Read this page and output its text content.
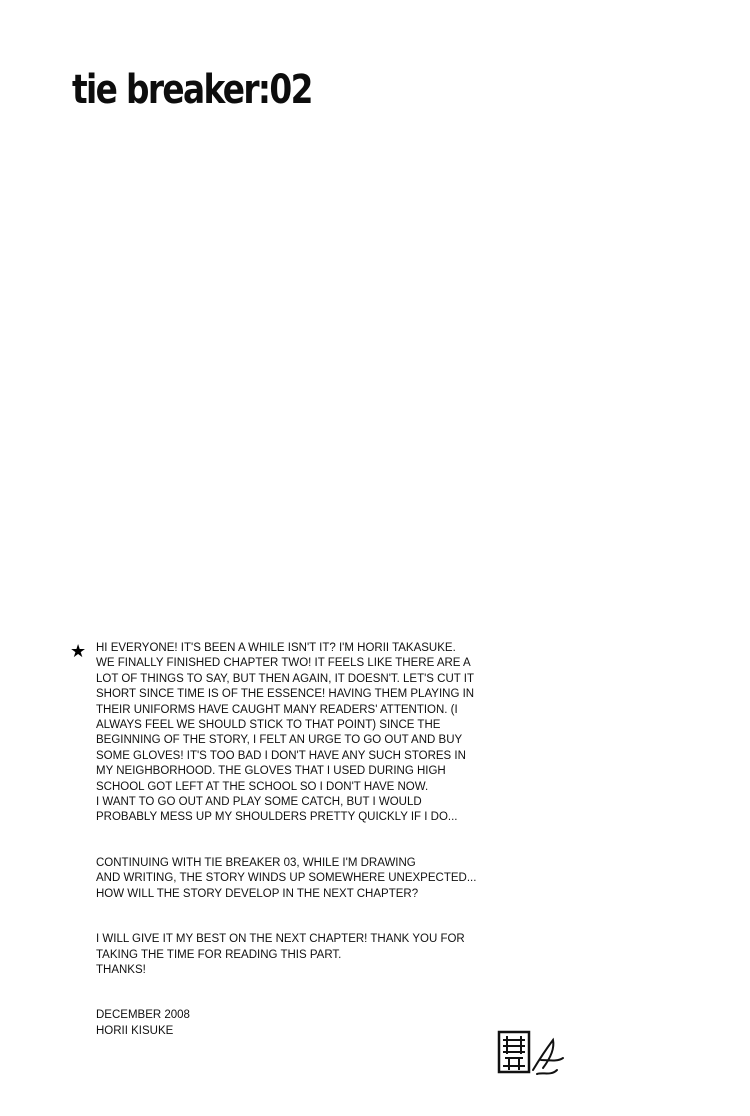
tie breaker:02
★ HI EVERYONE! IT'S BEEN A WHILE ISN'T IT? I'M HORII TAKASUKE.
WE FINALLY FINISHED CHAPTER TWO! IT FEELS LIKE THERE ARE A
LOT OF THINGS TO SAY, BUT THEN AGAIN, IT DOESN'T. LET'S CUT IT
SHORT SINCE TIME IS OF THE ESSENCE! HAVING THEM PLAYING IN
THEIR UNIFORMS HAVE CAUGHT MANY READERS' ATTENTION. (I
ALWAYS FEEL WE SHOULD STICK TO THAT POINT) SINCE THE
BEGINNING OF THE STORY, I FELT AN URGE TO GO OUT AND BUY
SOME GLOVES! IT'S TOO BAD I DON'T HAVE ANY SUCH STORES IN
MY NEIGHBORHOOD. THE GLOVES THAT I USED DURING HIGH
SCHOOL GOT LEFT AT THE SCHOOL SO I DON'T HAVE NOW.
I WANT TO GO OUT AND PLAY SOME CATCH, BUT I WOULD
PROBABLY MESS UP MY SHOULDERS PRETTY QUICKLY IF I DO...

CONTINUING WITH TIE BREAKER 03, WHILE I'M DRAWING
AND WRITING, THE STORY WINDS UP SOMEWHERE UNEXPECTED...
HOW WILL THE STORY DEVELOP IN THE NEXT CHAPTER?

I WILL GIVE IT MY BEST ON THE NEXT CHAPTER! THANK YOU FOR
TAKING THE TIME FOR READING THIS PART.
THANKS!

DECEMBER 2008
HORII KISUKE
